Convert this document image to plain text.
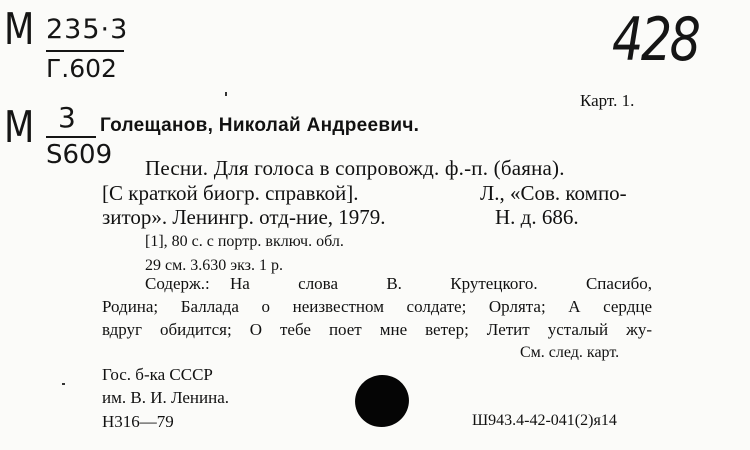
M 235·3
Г.602	428
Карт. 1.
M 3
S609
Голещанов, Николай Андреевич.
Песни. Для голоса в сопровожд. ф.-п. (баяна).
[С краткой биогр. справкой].	Л., «Сов. компо-
зитор». Ленингр. отд-ние, 1979.	Н. д. 686.
[1], 80 с. с портр. включ. обл.
29 см. 3.630 экз. 1 р.
Содерж.: На слова В. Крутецкого. Спасибо,
Родина; Баллада о неизвестном солдате; Орлята; А сердце
вдруг обидится; О тебе поет мне ветер; Летит усталый жу-
См. след. карт.
Гос. б-ка СССР
им. В. И. Ленина.
Н316—79	Ш943.4-42-041(2)я14
